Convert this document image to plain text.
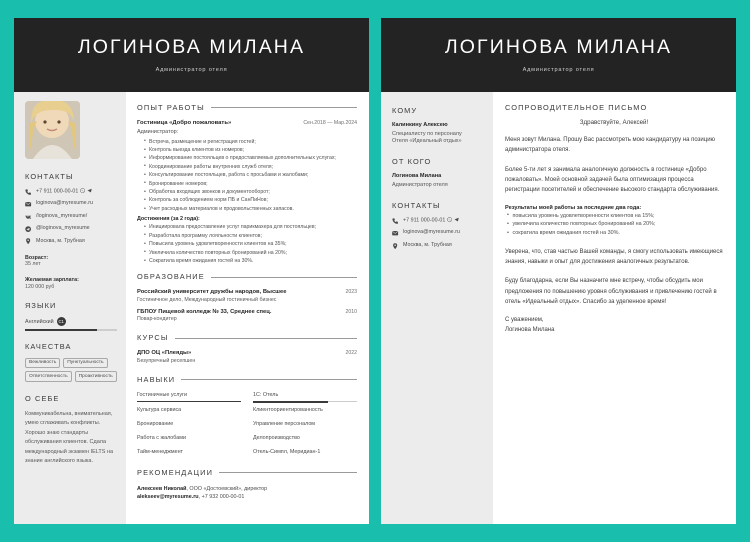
ЛОГИНОВА МИЛАНА
Администратор отеля
КОНТАКТЫ
+7 911 000-00-01
loginova@myresume.ru
/loginova_myresume/
@loginova_myresume
Москва, м. Трубная
Возраст:
35 лет
Желаемая зарплата:
120 000 руб
ЯЗЫКИ
Английский	C1
КАЧЕСТВА
Вежливость	Пунктуальность
Ответственность	Проактивность
О СЕБЕ

Коммуникабельна, внимательная, умею сглаживать конфликты. Хорошо знаю стандарты обслуживания клиентов. Сдала международный экзамен IELTS на знание английского языка.

ОПЫТ РАБОТЫ
Гостиница «Добро пожаловать»	Сен.2018 — Мар.2024
Администратор:
• Встреча, размещение и регистрация гостей;
• Контроль выезда клиентов из номеров;
• Информирование постояльцев о предоставляемых дополнительных услугах;
• Координирование работы внутренних служб отеля;
• Консультирование постояльцев, работа с просьбами и жалобами;
• Бронирование номеров;
• Обработка входящих звонков и документооборот;
• Контроль за соблюдением норм ПБ и СанПиНов;
• Учет расходных материалов и продовольственных запасов.
Достижения (за 2 года):
• Инициировала предоставление услуг парикмахера для постояльцев;
• Разработала программу лояльности клиентов;
• Повысила уровень удовлетворенности клиентов на 35%;
• Увеличила количество повторных бронирований на 20%;
• Сократила время ожидания гостей на 30%.
ОБРАЗОВАНИЕ
Российский университет дружбы народов, Высшее	2023
Гостиничное дело, Международный гостиничный бизнес
ГБПОУ Пищевой колледж № 33, Среднее спец.	2010
Повар-кондитер
КУРСЫ
ДПО ОЦ «Плеяды»	2022
Безупречный ресепшен
НАВЫКИ
Гостиничные услуги	1С: Отель
Культура сервиса	Клиентоориентированность
Бронирование	Управление персоналом
Работа с жалобами	Делопроизводство
Тайм-менеджмент	Отель-Симпл, Меридиан-1
РЕКОМЕНДАЦИИ
Алексеев Николай, ООО «Достоевский», директор
alekseev@myresume.ru, +7 932 000-00-01
ЛОГИНОВА МИЛАНА
Администратор отеля
КОМУ
Калинкину Алексею
Специалисту по персоналу
Отеля «Идеальный отдых»
ОТ КОГО
Логинова Милана
Администратор отеля
КОНТАКТЫ
+7 911 000-00-01
loginova@myresume.ru
Москва, м. Трубная
СОПРОВОДИТЕЛЬНОЕ ПИСЬМО
Здравствуйте, Алексей!

Меня зовут Милана. Прошу Вас рассмотреть мою кандидатуру на позицию администратора отеля.

Более 5-ти лет я занимала аналогичную должность в гостинице «Добро пожаловать». Моей основной задачей была оптимизация процесса регистрации посетителей и обеспечение высокого стандарта обслуживания.

Результаты моей работы за последние два года:
• повысила уровень удовлетворенности клиентов на 15%;
• увеличила количество повторных бронирований на 20%;
• сократила время ожидания гостей на 30%.

Уверена, что, став частью Вашей команды, я смогу использовать имеющиеся знания, навыки и опыт для достижения аналогичных результатов.

Буду благодарна, если Вы назначите мне встречу, чтобы обсудить мои предложения по повышению уровня обслуживания и привлечению гостей в отель «Идеальный отдых». Спасибо за уделенное время!

С уважением,
Логинова Милана
